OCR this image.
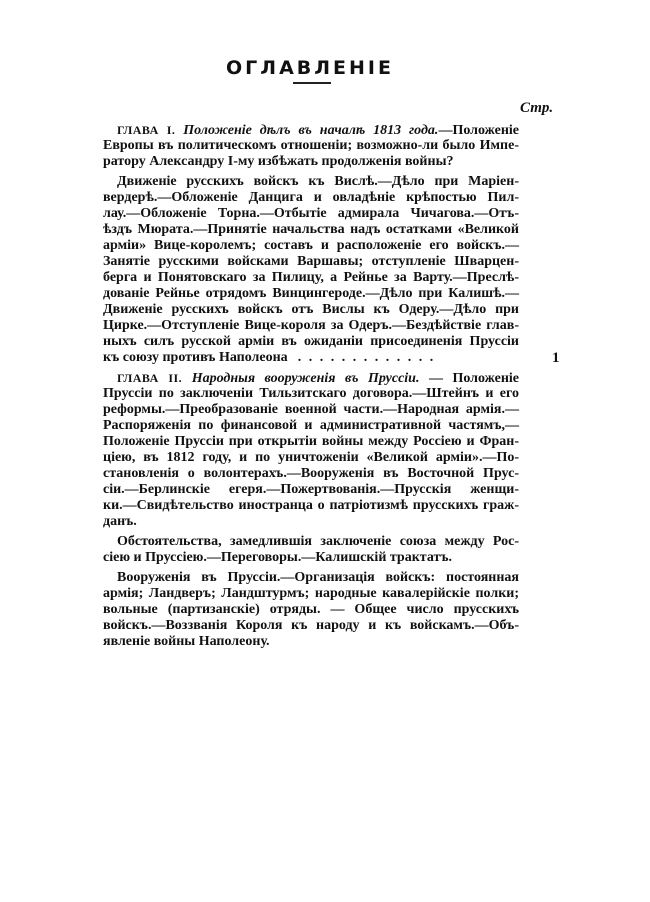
ОГЛАВЛЕНIЕ
Стр.
ГЛАВА I. Положенiе дѣлъ въ началѣ 1813 года.—Положенiе
Европы въ политическомъ отношенiи; возможно-ли было Импе-
ратору Александру I-му избѣжать продолженiя войны?
Движенiе русскихъ войскъ къ Вислѣ.—Дѣло при Марiен-
вердерѣ.—Обложенiе Данцига и овладѣнiе крѣпостью Пил-
лау.—Обложенiе Торна.—Отбытiе адмирала Чичагова.—Отъ-
ѣздъ Мюрата.—Принятiе начальства надъ остатками «Великой
армiи» Вице-королемъ; составъ и расположенiе его войскъ.—
Занятiе русскими войсками Варшавы; отступленiе Шварцен-
берга и Понятовскаго за Пилицу, а Рейнье за Варту.—Преслѣ-
дованiе Рейнье отрядомъ Винцингероде.—Дѣло при Калишѣ.—
Движенiе русскихъ войскъ отъ Вислы къ Одеру.—Дѣло при
Цирке.—Отступленiе Вице-короля за Одеръ.—Бездѣйствiе глав-
ныхъ силъ русской армiи въ ожиданiи присоединенiя Пруссiи
къ союзу противъ Наполеона . . . . . . . . . . . . .
ГЛАВА II. Народныя вооруженiя въ Пруссiи. — Положенiе
Пруссiи по заключенiи Тильзитскаго договора.—Штейнъ и его
реформы.—Преобразованiе военной части.—Народная армiя.—
Распоряженiя по финансовой и административной частямъ,—
Положенiе Пруссiи при открытiи войны между Россiею и Фран-
цiею, въ 1812 году, и по уничтоженiи «Великой армiи».—По-
становленiя о волонтерахъ.—Вооруженiя въ Восточной Прус-
сiи.—Берлинскiе егеря.—Пожертвованiя.—Прусскiя женщи-
ки.—Свидѣтельство иностранца о патрiотизмѣ прусскихъ граж-
данъ.
Обстоятельства, замедлившiя заключенiе союза между Рос-
сiею и Пруссiею.—Переговоры.—Калишскiй трактатъ.
Вооруженiя въ Пруссiи.—Организацiя войскъ: постоянная
армiя; Ландверъ; Ландштурмъ; народные кавалерiйскiе полки;
вольные (партизанскiе) отряды. — Общее число прусскихъ
войскъ.—Воззванiя Короля къ народу и къ войскамъ.—Объ-
явленiе войны Наполеону.
1
